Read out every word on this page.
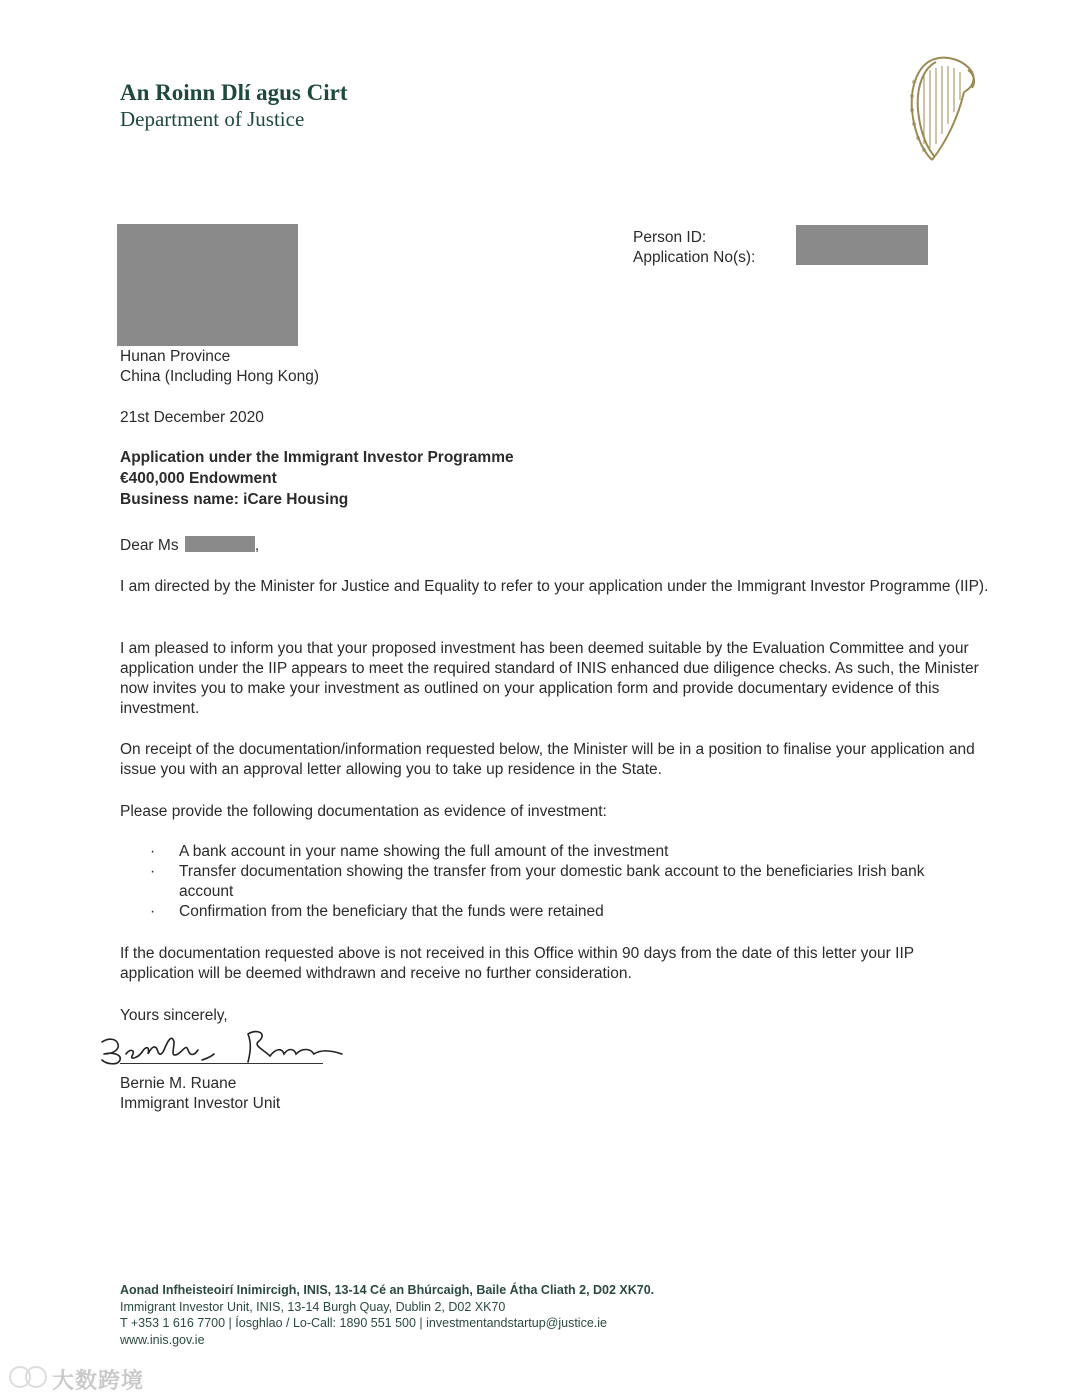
An Roinn Dlí agus Cirt
Department of Justice
Person ID:
Application No(s):
Hunan Province
China (Including Hong Kong)
21st December 2020
Application under the Immigrant Investor Programme
€400,000 Endowment
Business name: iCare Housing
Dear Ms	,
I am directed by the Minister for Justice and Equality to refer to your application under the Immigrant Investor Programme (IIP).
I am pleased to inform you that your proposed investment has been deemed suitable by the Evaluation Committee and your application under the IIP appears to meet the required standard of INIS enhanced due diligence checks. As such, the Minister now invites you to make your investment as outlined on your application form and provide documentary evidence of this investment.
On receipt of the documentation/information requested below, the Minister will be in a position to finalise your application and issue you with an approval letter allowing you to take up residence in the State.
Please provide the following documentation as evidence of investment:
· A bank account in your name showing the full amount of the investment
· Transfer documentation showing the transfer from your domestic bank account to the beneficiaries Irish bank account
· Confirmation from the beneficiary that the funds were retained
If the documentation requested above is not received in this Office within 90 days from the date of this letter your IIP application will be deemed withdrawn and receive no further consideration.
Yours sincerely,
Bernie M. Ruane
Immigrant Investor Unit
Aonad Infheisteoirí Inimircigh, INIS, 13-14 Cé an Bhúrcaigh, Baile Átha Cliath 2, D02 XK70.
Immigrant Investor Unit, INIS, 13-14 Burgh Quay, Dublin 2, D02 XK70
T +353 1 616 7700 | Íosghlao / Lo-Call: 1890 551 500 | investmentandstartup@justice.ie
www.inis.gov.ie
大数跨境
